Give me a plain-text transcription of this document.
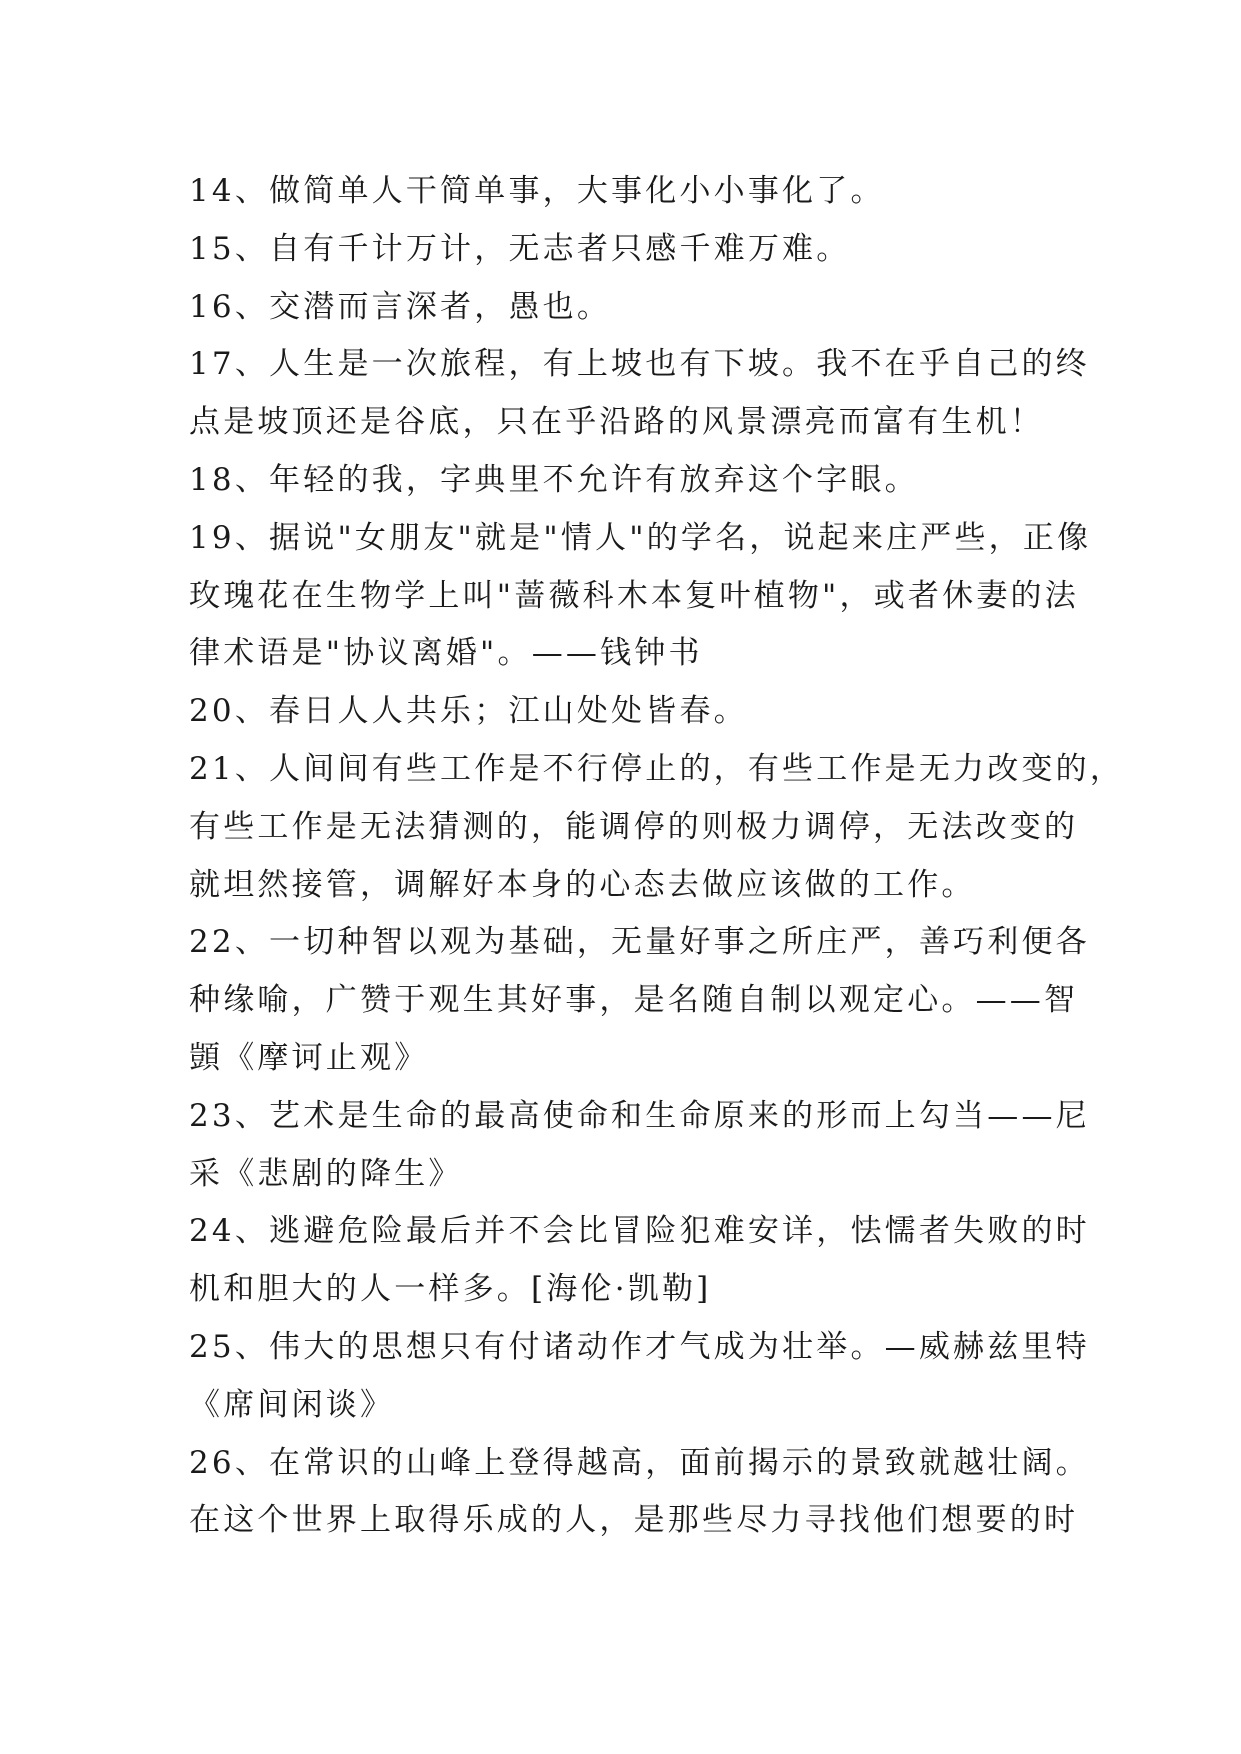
14、做简单人干简单事，大事化小小事化了。
15、自有千计万计，无志者只感千难万难。
16、交潜而言深者，愚也。
17、人生是一次旅程，有上坡也有下坡。我不在乎自己的终
点是坡顶还是谷底，只在乎沿路的风景漂亮而富有生机！
18、年轻的我，字典里不允许有放弃这个字眼。
19、据说"女朋友"就是"情人"的学名，说起来庄严些，正像
玫瑰花在生物学上叫"蔷薇科木本复叶植物"，或者休妻的法
律术语是"协议离婚"。——钱钟书
20、春日人人共乐；江山处处皆春。
21、人间间有些工作是不行停止的，有些工作是无力改变的，
有些工作是无法猜测的，能调停的则极力调停，无法改变的
就坦然接管，调解好本身的心态去做应该做的工作。
22、一切种智以观为基础，无量好事之所庄严，善巧利便各
种缘喻，广赞于观生其好事，是名随自制以观定心。——智
顗《摩诃止观》
23、艺术是生命的最高使命和生命原来的形而上勾当——尼
采《悲剧的降生》
24、逃避危险最后并不会比冒险犯难安详，怯懦者失败的时
机和胆大的人一样多。[海伦·凯勒]
25、伟大的思想只有付诸动作才气成为壮举。—威赫兹里特
《席间闲谈》
26、在常识的山峰上登得越高，面前揭示的景致就越壮阔。
在这个世界上取得乐成的人，是那些尽力寻找他们想要的时
